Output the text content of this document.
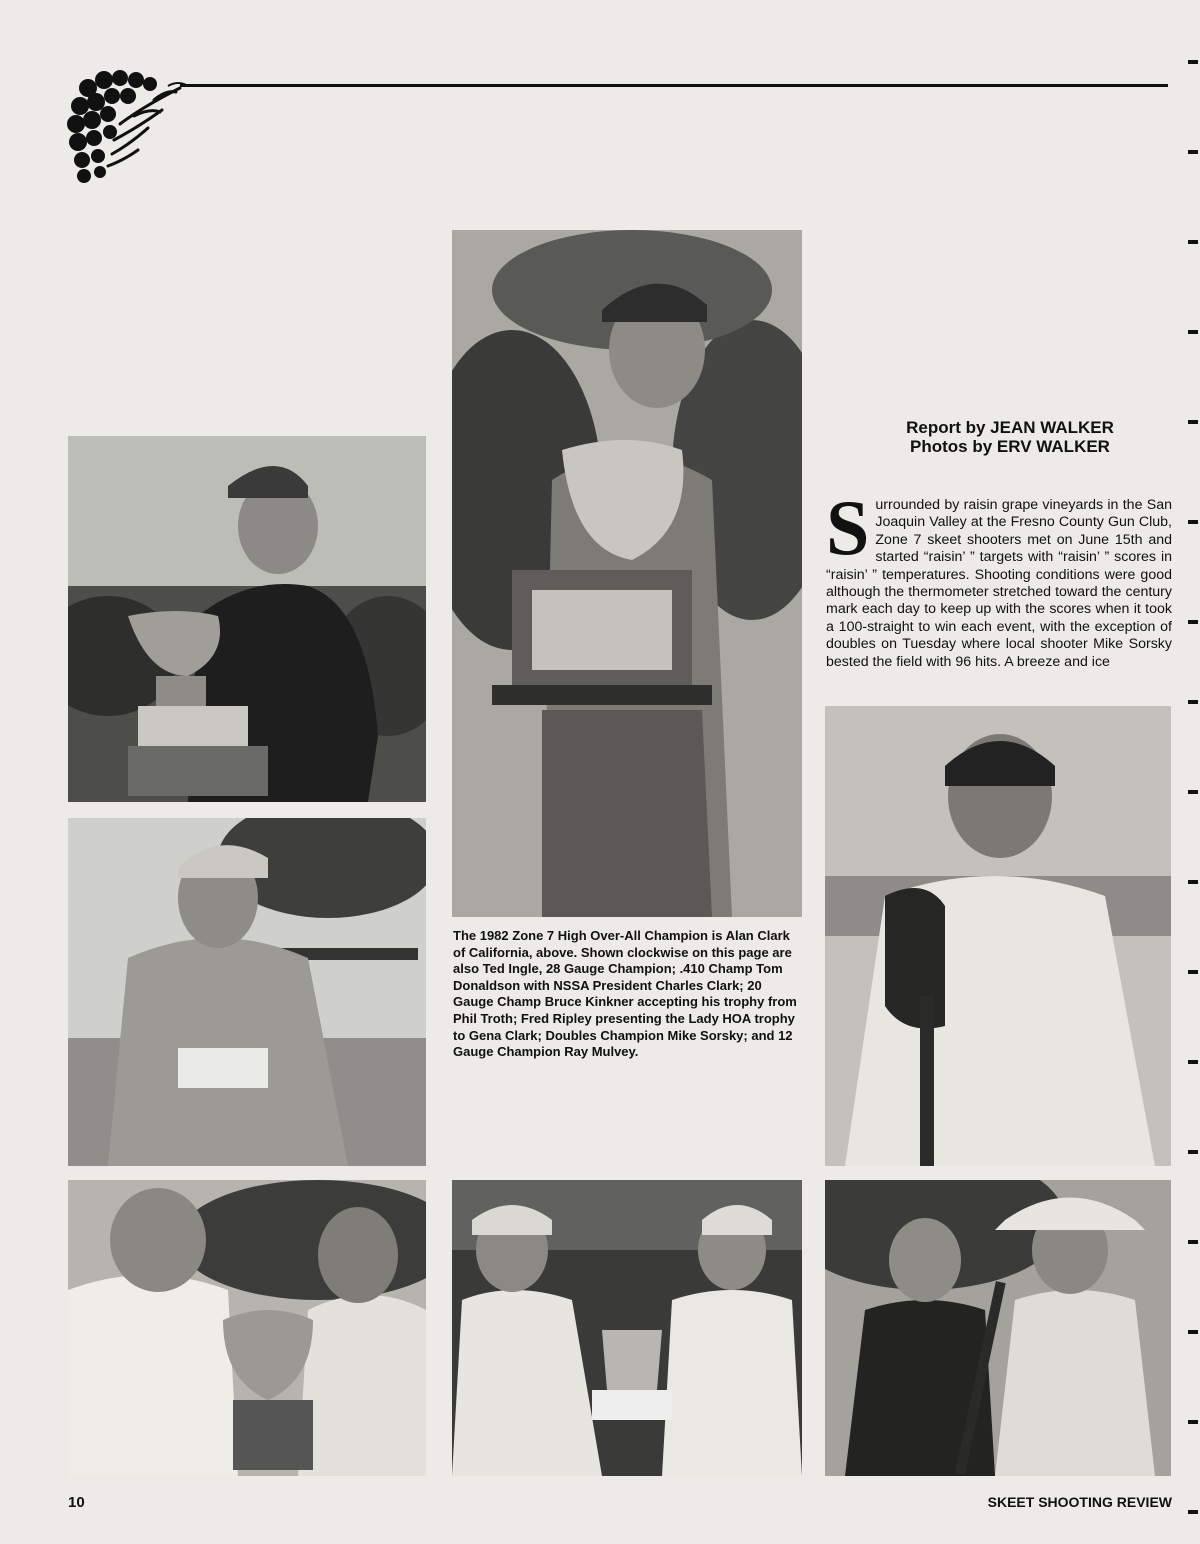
Report by JEAN WALKER
Photos by ERV WALKER

Surrounded by raisin grape vineyards in the San Joaquin Valley at the Fresno County Gun Club, Zone 7 skeet shooters met on June 15th and started “raisin’ ” targets with “raisin’ ” scores in “raisin’ ” temperatures. Shooting conditions were good although the thermometer stretched toward the century mark each day to keep up with the scores when it took a 100-straight to win each event, with the exception of doubles on Tuesday where local shooter Mike Sorsky bested the field with 96 hits. A breeze and ice

The 1982 Zone 7 High Over-All Champion is Alan Clark of California, above. Shown clockwise on this page are also Ted Ingle, 28 Gauge Champion; .410 Champ Tom Donaldson with NSSA President Charles Clark; 20 Gauge Champ Bruce Kinkner accepting his trophy from Phil Troth; Fred Ripley presenting the Lady HOA trophy to Gena Clark; Doubles Champion Mike Sorsky; and 12 Gauge Champion Ray Mulvey.

10	SKEET SHOOTING REVIEW
